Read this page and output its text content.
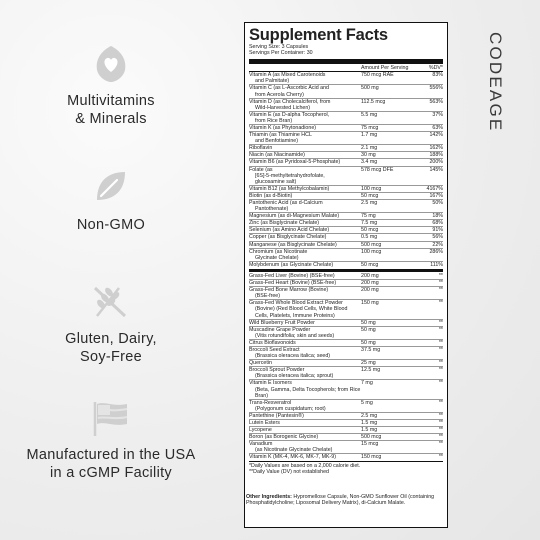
Multivitamins
& Minerals
Non-GMO
Gluten, Dairy,
Soy-Free
Manufactured in the USA
in a cGMP Facility
Supplement Facts
Serving Size: 3 Capsules
Servings Per Container: 30
Amount Per Serving	%DV*
Vitamin A (as Mixed Carotenoids	750 mcg RAE	83%
and Palmitate)
Vitamin C (as L-Ascorbic Acid and	500 mg	556%
from Acerola Cherry)
Vitamin D (as Cholecalciferol, from	112.5 mcg	563%
Wild-Harvested Lichen)
Vitamin E (as D-alpha Tocopherol,	5.5 mg	37%
from Rice Bran)
Vitamin K (as Phytonadione)	75 mcg	63%
Thiamin (as Thiamine HCL	1.7 mg	142%
and Benfotiamine)
Riboflavin	2.1 mg	162%
Niacin (as Niacinamide)	30 mg	188%
Vitamin B6 (as Pyridoxal-5-Phosphate)	3.4 mg	200%
Folate (as	578 mcg DFE	145%
[6S]-5-methyltetrahydrofolate,
glucosamine salt)
Vitamin B12 (as Methylcobalamin)	100 mcg	4167%
Biotin (as d-Biotin)	50 mcg	167%
Pantothenic Acid (as d-Calcium	2.5 mg	50%
Pantothenate)
Magnesium (as di-Magnesium Malate)	75 mg	18%
Zinc (as Bisglycinate Chelate)	7.5 mg	68%
Selenium (as Amino Acid Chelate)	50 mcg	91%
Copper (as Bisglycinate Chelate)	0.5 mg	56%
Manganese (as Bisglycinate Chelate)	500 mcg	22%
Chromium (as Nicotinate	100 mcg	286%
Glycinate Chelate)
Molybdenum (as Glycinate Chelate)	50 mcg	111%
Grass-Fed Liver (Bovine) (BSE-free)	200 mg	**
Grass-Fed Heart (Bovine) (BSE-free)	200 mg	**
Grass-Fed Bone Marrow (Bovine)	200 mg	**
(BSE-free)
Grass-Fed Whole Blood Extract Powder	150 mg	**
(Bovine) (Red Blood Cells, White Blood
Cells, Platelets, Immune Proteins)
Wild Blueberry Fruit Powder	50 mg	**
Muscadine Grape Powder	50 mg	**
(Vitis rotundifolia; skin and seeds)
Citrus Bioflavonoids	50 mg	**
Broccoli Seed Extract	37.5 mg	**
(Brassica oleracea italica; seed)
Quercetin	25 mg	**
Broccoli Sprout Powder	12.5 mg	**
(Brassica oleracea italica; sprout)
Vitamin E Isomers	7 mg	**
(Beta, Gamma, Delta Tocopherols; from Rice Bran)
Trans-Resveratrol	5 mg	**
(Polygonum cuspidatum; root)
Pantethine (Pantesin®)	2.5 mg	**
Lutein Esters	1.5 mg	**
Lycopene	1.5 mg	**
Boron (as Borogenic Glycine)	500 mcg	**
Vanadium	15 mcg	**
(as Nicotinate Glycinate Chelate)
Vitamin K (MK-4, MK-6, MK-7, MK-9)	150 mcg	**
*Daily Values are based on a 2,000 calorie diet.
**Daily Value (DV) not established
Other Ingredients: Hypromellose Capsule, Non-GMO Sunflower Oil (containing Phosphatidylcholine; Liposomal Delivery Matrix), di-Calcium Malate.
CODEAGE
